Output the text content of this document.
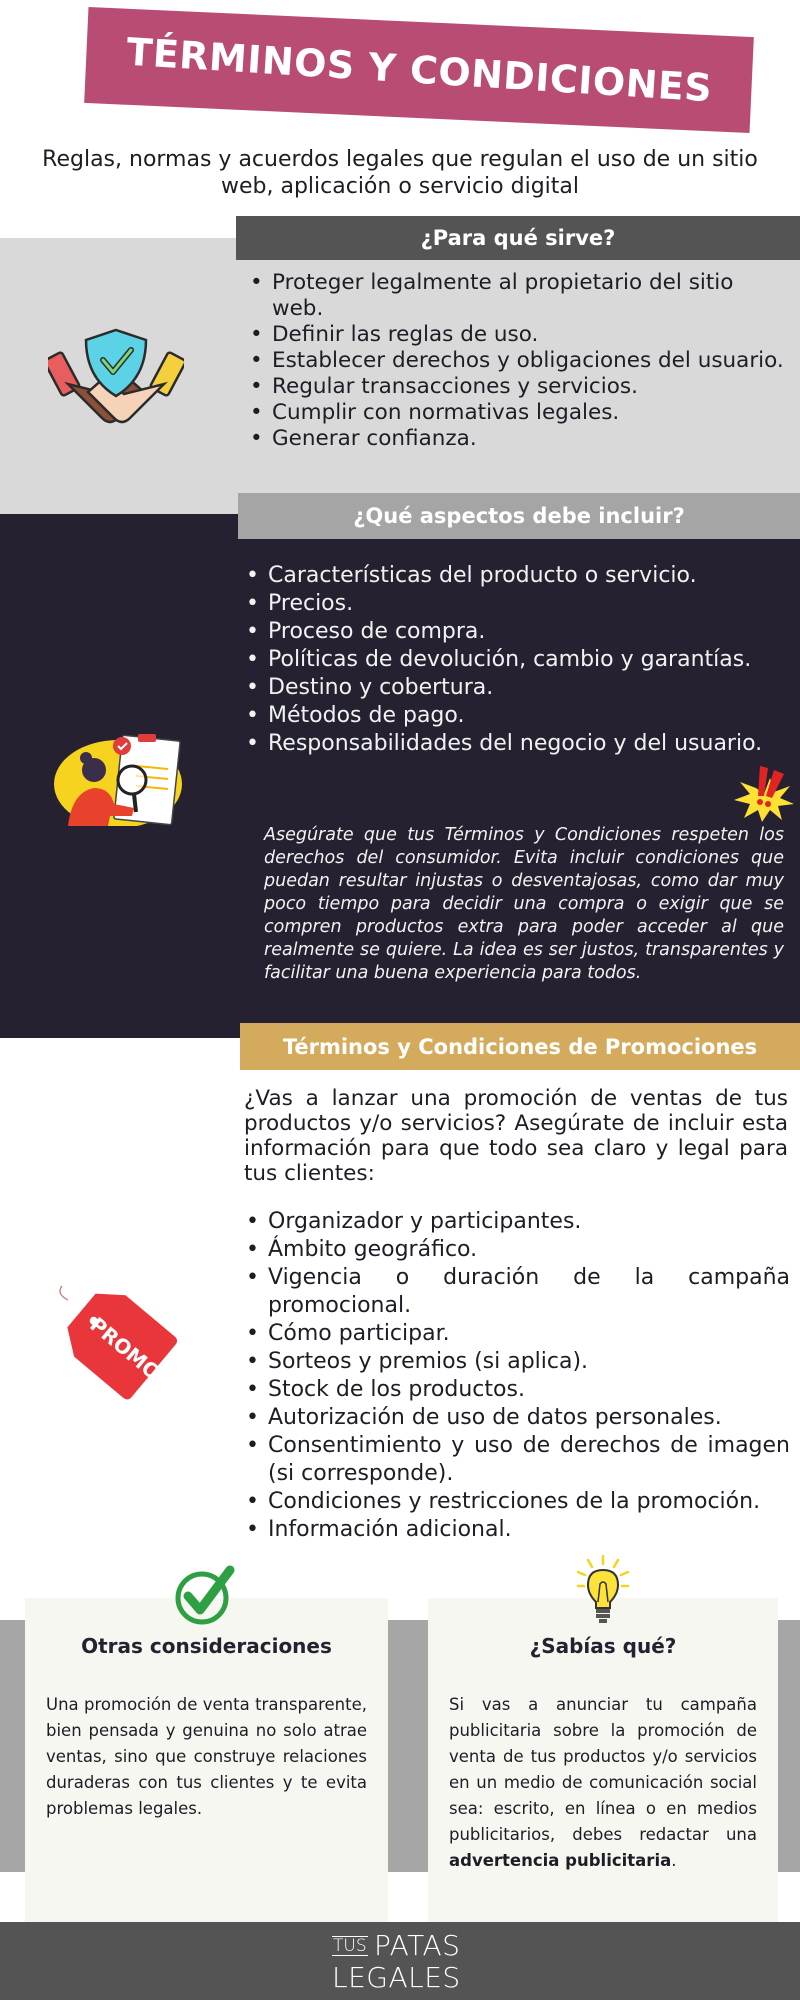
TÉRMINOS Y CONDICIONES
Reglas, normas y acuerdos legales que regulan el uso de un sitio web, aplicación o servicio digital
¿Para qué sirve?
• Proteger legalmente al propietario del sitio web.
• Definir las reglas de uso.
• Establecer derechos y obligaciones del usuario.
• Regular transacciones y servicios.
• Cumplir con normativas legales.
• Generar confianza.
¿Qué aspectos debe incluir?
• Características del producto o servicio.
• Precios.
• Proceso de compra.
• Políticas de devolución, cambio y garantías.
• Destino y cobertura.
• Métodos de pago.
• Responsabilidades del negocio y del usuario.

Asegúrate que tus Términos y Condiciones respeten los derechos del consumidor. Evita incluir condiciones que puedan resultar injustas o desventajosas, como dar muy poco tiempo para decidir una compra o exigir que se compren productos extra para poder acceder al que realmente se quiere. La idea es ser justos, transparentes y facilitar una buena experiencia para todos.

Términos y Condiciones de Promociones

¿Vas a lanzar una promoción de ventas de tus productos y/o servicios? Asegúrate de incluir esta información para que todo sea claro y legal para tus clientes:

• Organizador y participantes.
• Ámbito geográfico.
• Vigencia o duración de la campaña promocional.
• Cómo participar.
• Sorteos y premios (si aplica).
• Stock de los productos.
• Autorización de uso de datos personales.
• Consentimiento y uso de derechos de imagen (si corresponde).
• Condiciones y restricciones de la promoción.
• Información adicional.
PROMO
Otras consideraciones

Una promoción de venta transparente, bien pensada y genuina no solo atrae ventas, sino que construye relaciones duraderas con tus clientes y te evita problemas legales.

¿Sabías qué?

Si vas a anunciar tu campaña publicitaria sobre la promoción de venta de tus productos y/o servicios en un medio de comunicación social sea: escrito, en línea o en medios publicitarios, debes redactar una advertencia publicitaria.

TUS PATAS
LEGALES
